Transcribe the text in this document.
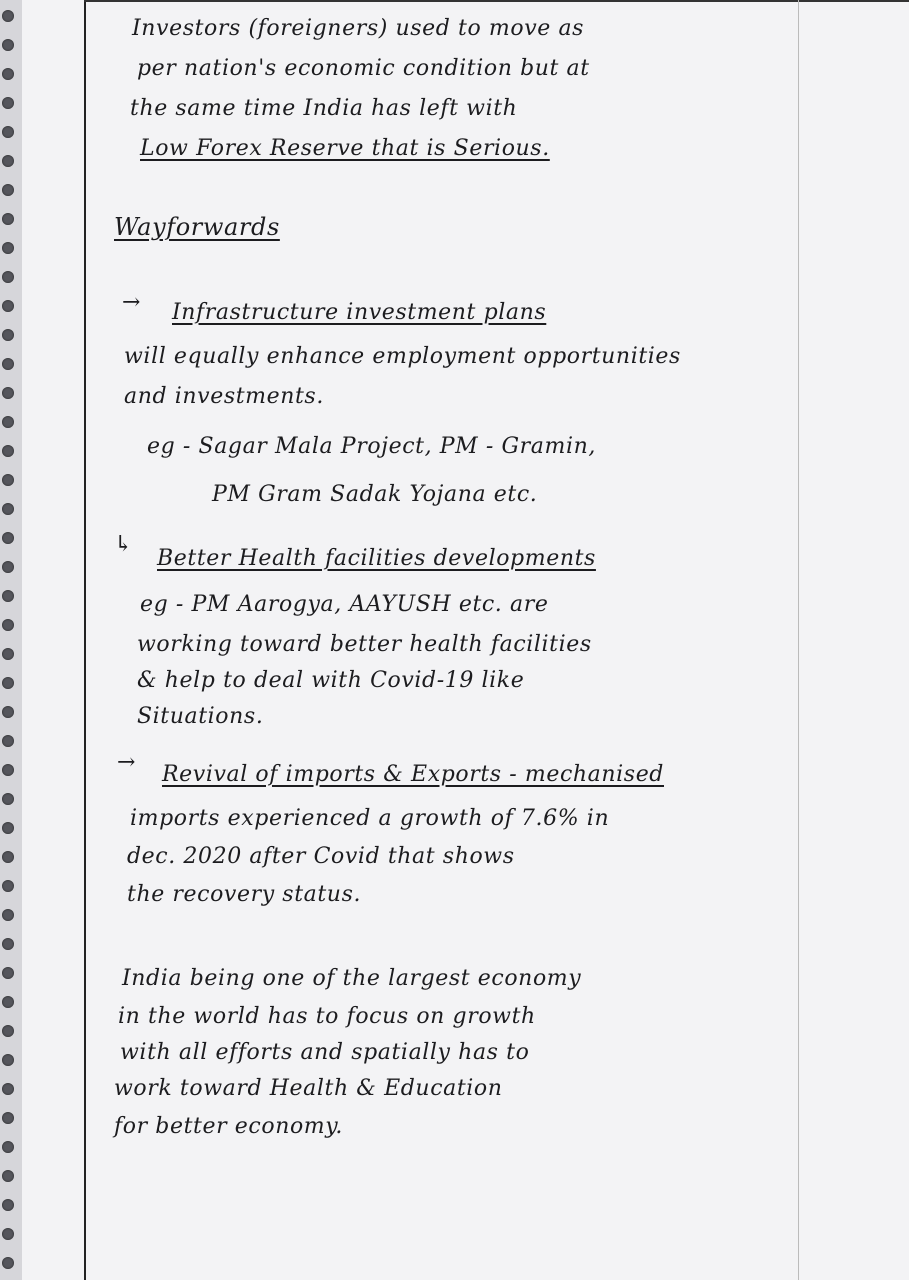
Investors (foreigners) used to move as

per nation's economic condition but at

the same time India has left with

Low Forex Reserve that is Serious.

Wayforwards

→ Infrastructure investment plans

will equally enhance employment opportunities

and investments.

eg - Sagar Mala Project, PM - Gramin,

PM Gram Sadak Yojana etc.

↳

Better Health facilities developments

eg - PM Aarogya, AAYUSH etc. are

working toward better health facilities

& help to deal with Covid-19 like

Situations.

→ Revival of imports & Exports - mechanised

imports experienced a growth of 7.6% in

dec. 2020 after Covid that shows

the recovery status.

India being one of the largest economy

in the world has to focus on growth

with all efforts and spatially has to

work toward Health & Education

for better economy.
